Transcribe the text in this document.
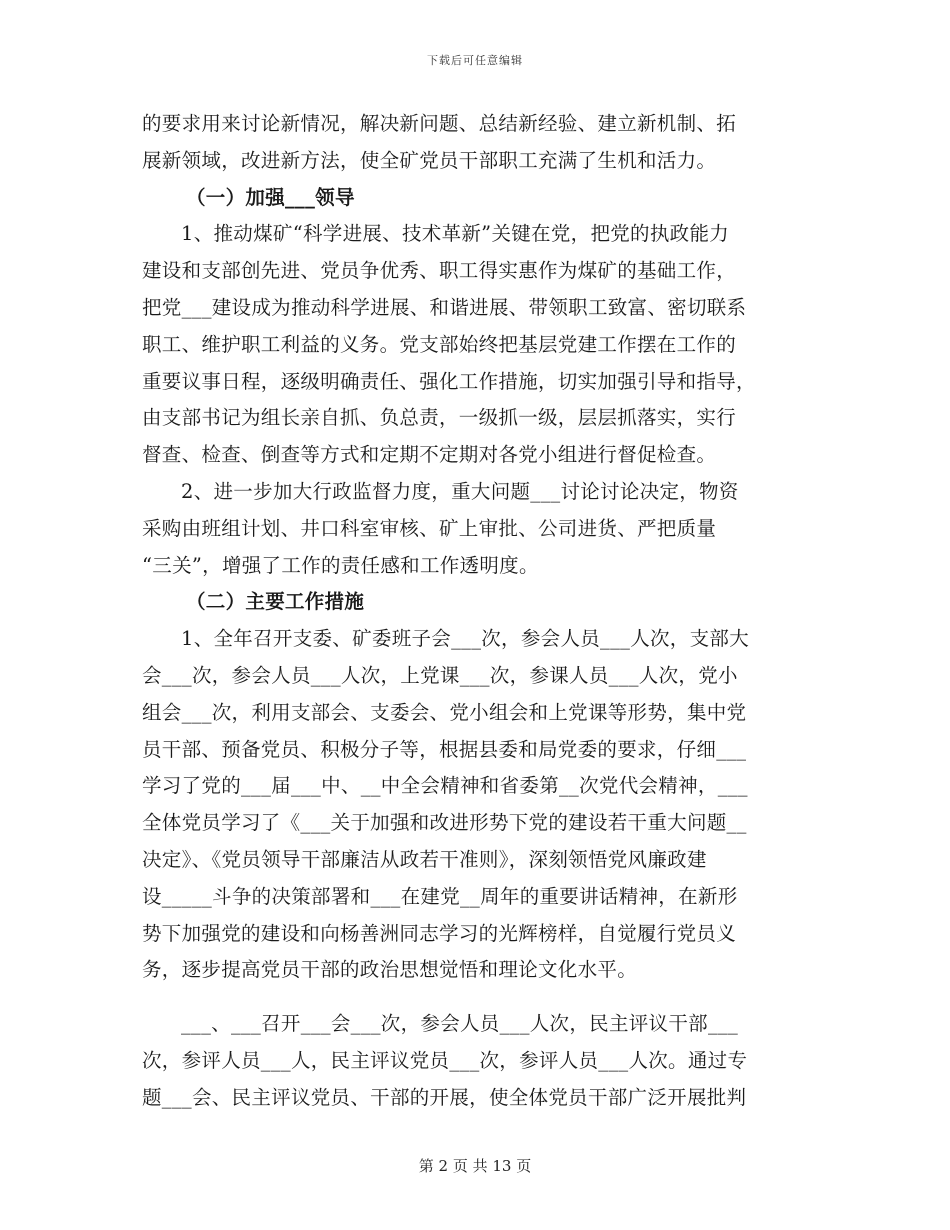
下载后可任意编辑
的要求用来讨论新情况，解决新问题、总结新经验、建立新机制、拓
展新领域，改进新方法，使全矿党员干部职工充满了生机和活力。
（一）加强___领导
1、推动煤矿“科学进展、技术革新”关键在党，把党的执政能力
建设和支部创先进、党员争优秀、职工得实惠作为煤矿的基础工作，
把党___建设成为推动科学进展、和谐进展、带领职工致富、密切联系
职工、维护职工利益的义务。党支部始终把基层党建工作摆在工作的
重要议事日程，逐级明确责任、强化工作措施，切实加强引导和指导，
由支部书记为组长亲自抓、负总责，一级抓一级，层层抓落实，实行
督查、检查、倒查等方式和定期不定期对各党小组进行督促检查。
2、进一步加大行政监督力度，重大问题___讨论讨论决定，物资
采购由班组计划、井口科室审核、矿上审批、公司进货、严把质量
“三关”，增强了工作的责任感和工作透明度。
（二）主要工作措施
1、全年召开支委、矿委班子会___次，参会人员___人次，支部大
会___次，参会人员___人次，上党课___次，参课人员___人次，党小
组会___次，利用支部会、支委会、党小组会和上党课等形势，集中党
员干部、预备党员、积极分子等，根据县委和局党委的要求，仔细___
学习了党的___届___中、__中全会精神和省委第__次党代会精神，___
全体党员学习了《___关于加强和改进形势下党的建设若干重大问题__
决定》、《党员领导干部廉洁从政若干准则》，深刻领悟党风廉政建
设_____斗争的决策部署和___在建党__周年的重要讲话精神，在新形
势下加强党的建设和向杨善洲同志学习的光辉榜样，自觉履行党员义
务，逐步提高党员干部的政治思想觉悟和理论文化水平。
___、___召开___会___次，参会人员___人次，民主评议干部___
次，参评人员___人，民主评议党员___次，参评人员___人次。通过专
题___会、民主评议党员、干部的开展，使全体党员干部广泛开展批判
第 2 页 共 13 页
